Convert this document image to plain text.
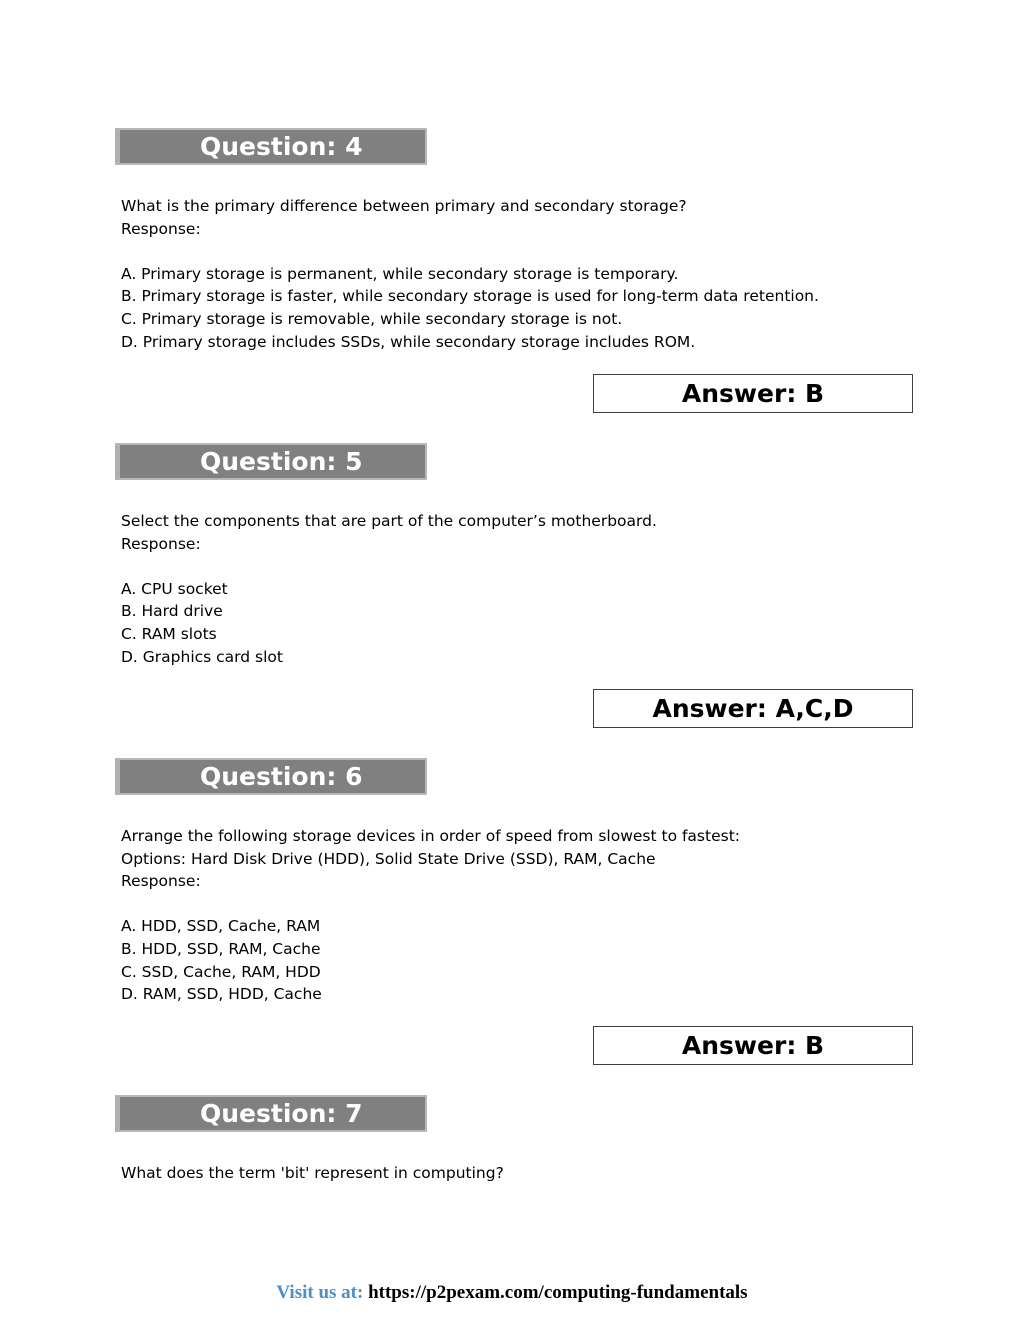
Question: 4
What is the primary difference between primary and secondary storage?
Response:
A. Primary storage is permanent, while secondary storage is temporary.
B. Primary storage is faster, while secondary storage is used for long-term data retention.
C. Primary storage is removable, while secondary storage is not.
D. Primary storage includes SSDs, while secondary storage includes ROM.
Answer: B
Question: 5
Select the components that are part of the computer’s motherboard.
Response:
A. CPU socket
B. Hard drive
C. RAM slots
D. Graphics card slot
Answer: A,C,D
Question: 6
Arrange the following storage devices in order of speed from slowest to fastest:
Options: Hard Disk Drive (HDD), Solid State Drive (SSD), RAM, Cache
Response:
A. HDD, SSD, Cache, RAM
B. HDD, SSD, RAM, Cache
C. SSD, Cache, RAM, HDD
D. RAM, SSD, HDD, Cache
Answer: B
Question: 7
What does the term 'bit' represent in computing?
Visit us at: https://p2pexam.com/computing-fundamentals
